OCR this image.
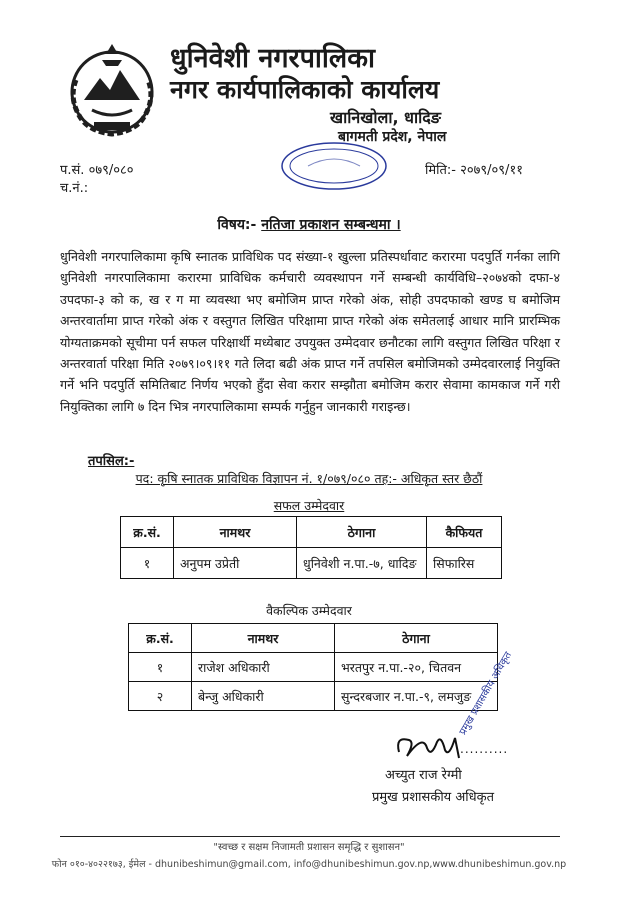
धुनिवेशी नगरपालिका
नगर कार्यपालिकाको कार्यालय
खानिखोला, धादिङ
बागमती प्रदेश, नेपाल
प.सं. ०७९/०८०
च.नं.:
मिति:- २०७९/०९/११
विषय:- नतिजा प्रकाशन सम्बन्धमा ।
धुनिवेशी नगरपालिकामा कृषि स्नातक प्राविधिक पद संख्या-१ खुल्ला प्रतिस्पर्धावाट करारमा पदपुर्ति गर्नका लागि धुनिवेशी नगरपालिकामा करारमा प्राविधिक कर्मचारी व्यवस्थापन गर्ने सम्बन्धी कार्यविधि–२०७४को दफा-४ उपदफा-३ को क, ख र ग मा व्यवस्था भए बमोजिम प्राप्त गरेको अंक, सोही उपदफाको खण्ड घ बमोजिम अन्तरवार्तामा प्राप्त गरेको अंक र वस्तुगत लिखित परिक्षामा प्राप्त गरेको अंक समेतलाई आधार मानि प्रारम्भिक योग्यताक्रमको सूचीमा पर्न सफल परिक्षार्थी मध्येबाट उपयुक्त उम्मेदवार छनौटका लागि वस्तुगत लिखित परिक्षा र अन्तरवार्ता परिक्षा मिति २०७९।०९।११ गते लिदा बढी अंक प्राप्त गर्ने तपसिल बमोजिमको उम्मेदवारलाई नियुक्ति गर्ने भनि पदपुर्ति समितिबाट निर्णय भएको हुँदा सेवा करार सम्झौता बमोजिम करार सेवामा कामकाज गर्ने गरी नियुक्तिका लागि ७ दिन भित्र नगरपालिकामा सम्पर्क गर्नुहुन जानकारी गराइन्छ।
तपसिल:-
पद: कृषि स्नातक प्राविधिक विज्ञापन नं. १/०७९/०८० तह:- अधिकृत स्तर छैठौं
सफल उम्मेदवार
क्र.सं.	नामथर	ठेगाना	कैफियत
१	अनुपम उप्रेती	धुनिवेशी न.पा.-७, धादिङ	सिफारिस
वैकल्पिक उम्मेदवार
क्र.सं.	नामथर	ठेगाना
१	राजेश अधिकारी	भरतपुर न.पा.-२०, चितवन
२	बेन्जु अधिकारी	सुन्दरबजार न.पा.-९, लमजुङ
..........
अच्युत राज रेग्मी
प्रमुख प्रशासकीय अधिकृत
प्रमुख प्रशासकीय अधिकृत
"स्वच्छ र सक्षम निजामती प्रशासन समृद्धि र सुशासन"
फोन ०१०-४०२२१७३, ईमेल - dhunibeshimun@gmail.com, info@dhunibeshimun.gov.np,www.dhunibeshimun.gov.np
